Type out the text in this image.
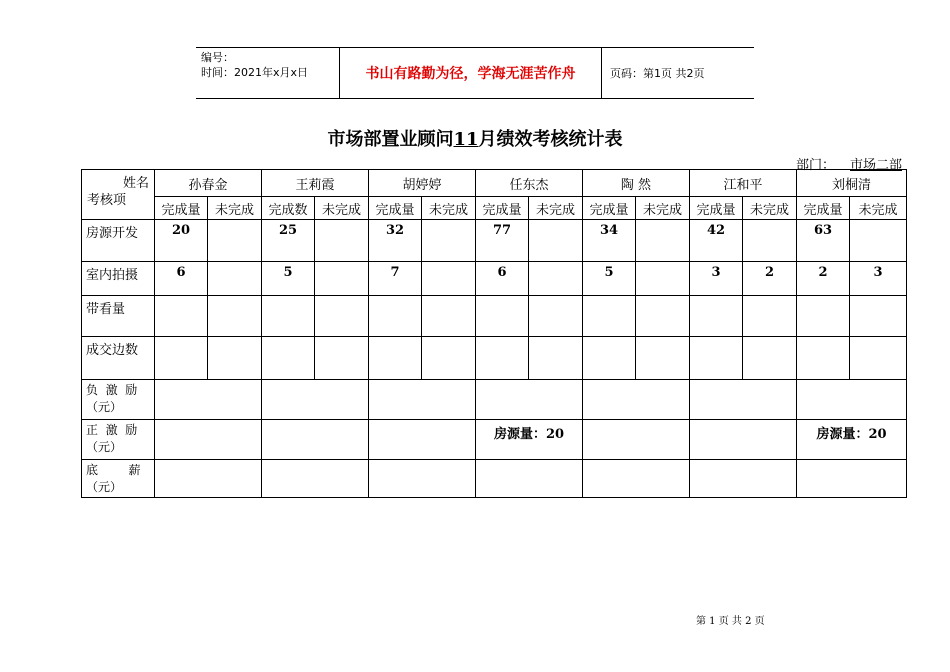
编号：
时间：2021年x月x日	书山有路勤为径，学海无涯苦作舟	页码：第1页 共2页
市场部置业顾问11月绩效考核统计表
部门： 市场二部
姓名
考核项	孙春金		王莉霞		胡婷婷		任东杰		陶 然		江和平		刘桐清	
	完成量	未完成	完成数	未完成	完成量	未完成	完成量	未完成	完成量	未完成	完成量	未完成	完成量	未完成
房源开发	20		25		32		77		34		42		63	
室内拍摄	6		5		7		6		5		3	2	2	3
带看量														
成交边数														

负  激  励
（元）														

正  激  励
（元）							房源量：20						房源量：20	

底        薪
（元）														

第 1 页 共 2 页
